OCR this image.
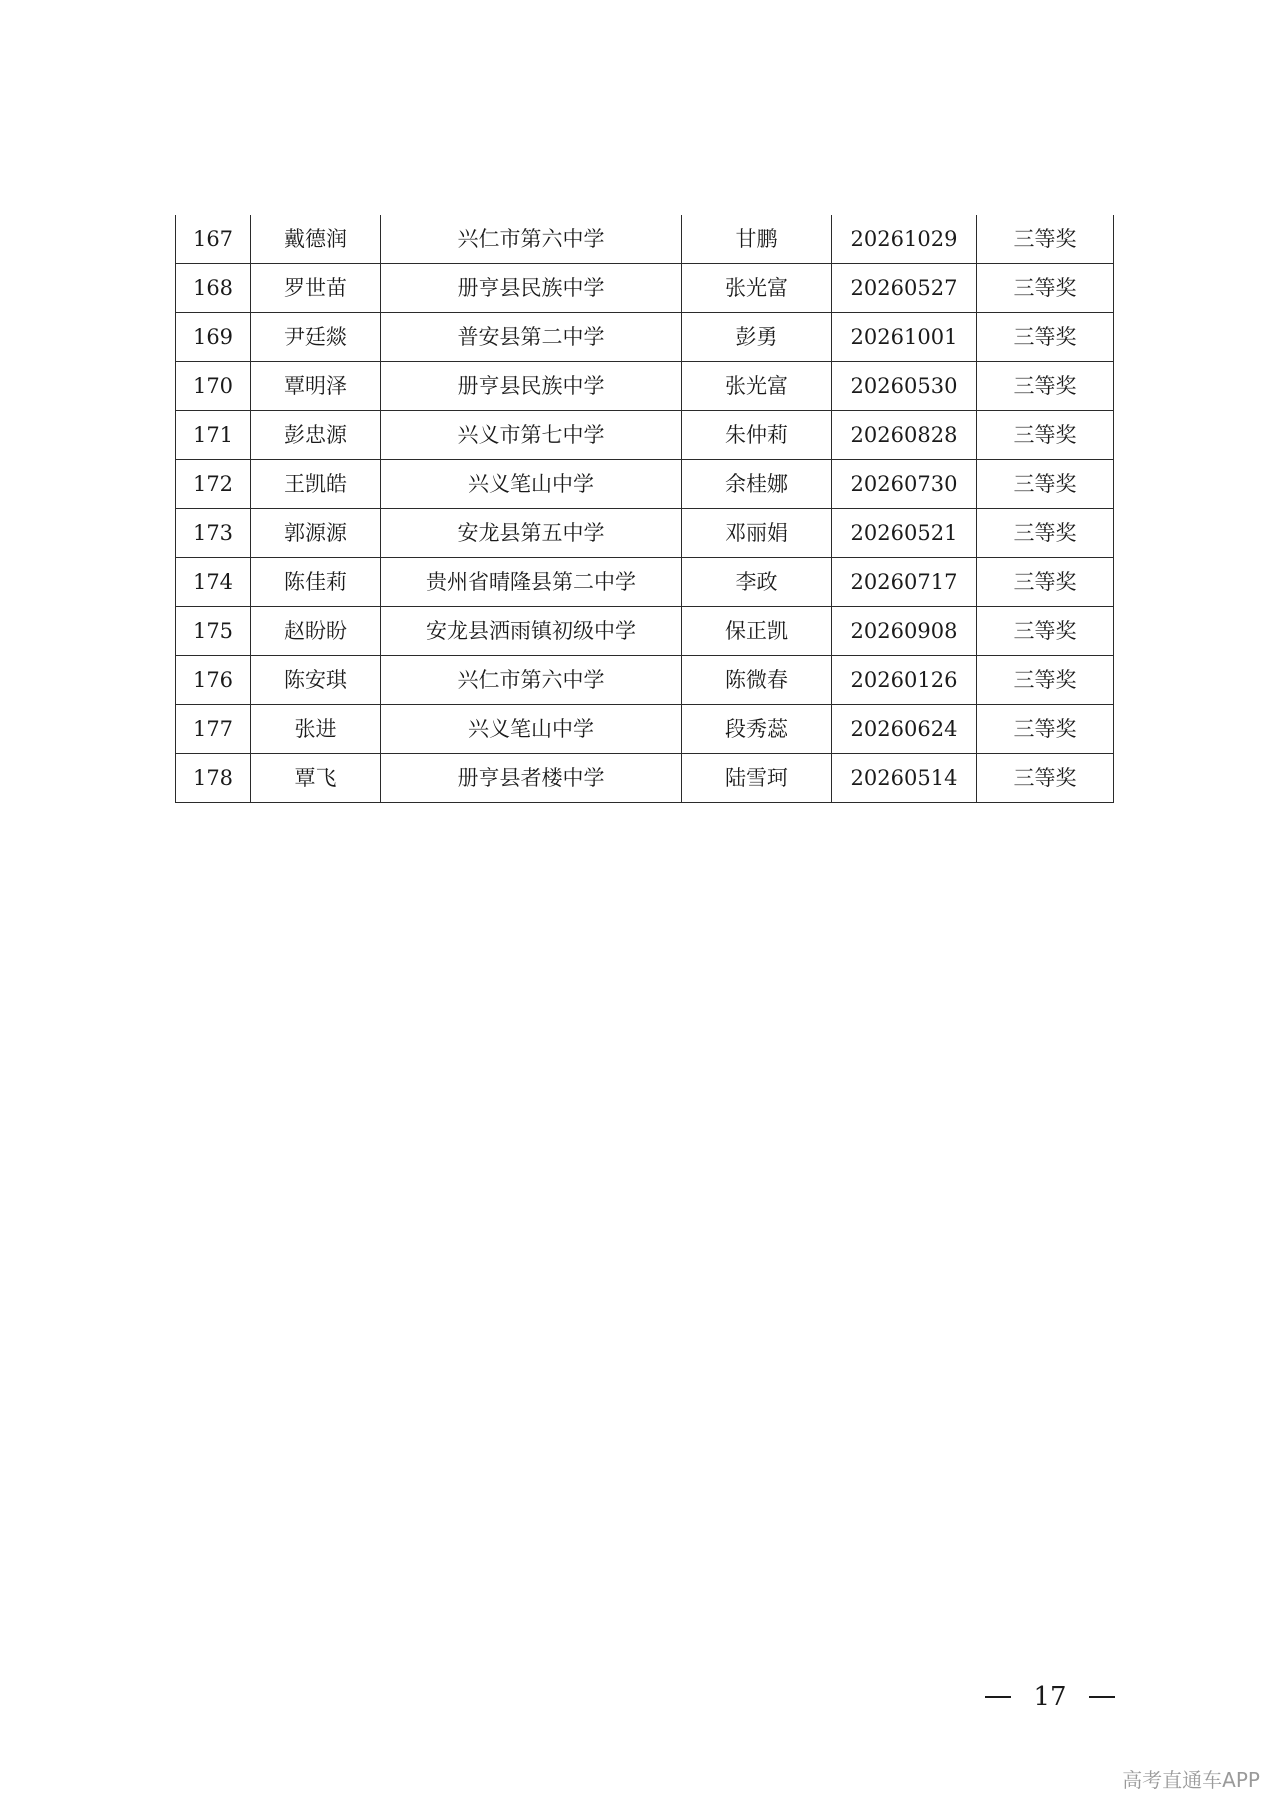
167	戴德润	兴仁市第六中学	甘鹏	20261029	三等奖
168	罗世苗	册亨县民族中学	张光富	20260527	三等奖
169	尹廷燚	普安县第二中学	彭勇	20261001	三等奖
170	覃明泽	册亨县民族中学	张光富	20260530	三等奖
171	彭忠源	兴义市第七中学	朱仲莉	20260828	三等奖
172	王凯皓	兴义笔山中学	余桂娜	20260730	三等奖
173	郭源源	安龙县第五中学	邓丽娟	20260521	三等奖
174	陈佳莉	贵州省晴隆县第二中学	李政	20260717	三等奖
175	赵盼盼	安龙县洒雨镇初级中学	保正凯	20260908	三等奖
176	陈安琪	兴仁市第六中学	陈微春	20260126	三等奖
177	张进	兴义笔山中学	段秀蕊	20260624	三等奖
178	覃飞	册亨县者楼中学	陆雪珂	20260514	三等奖
17
高考直通车APP
